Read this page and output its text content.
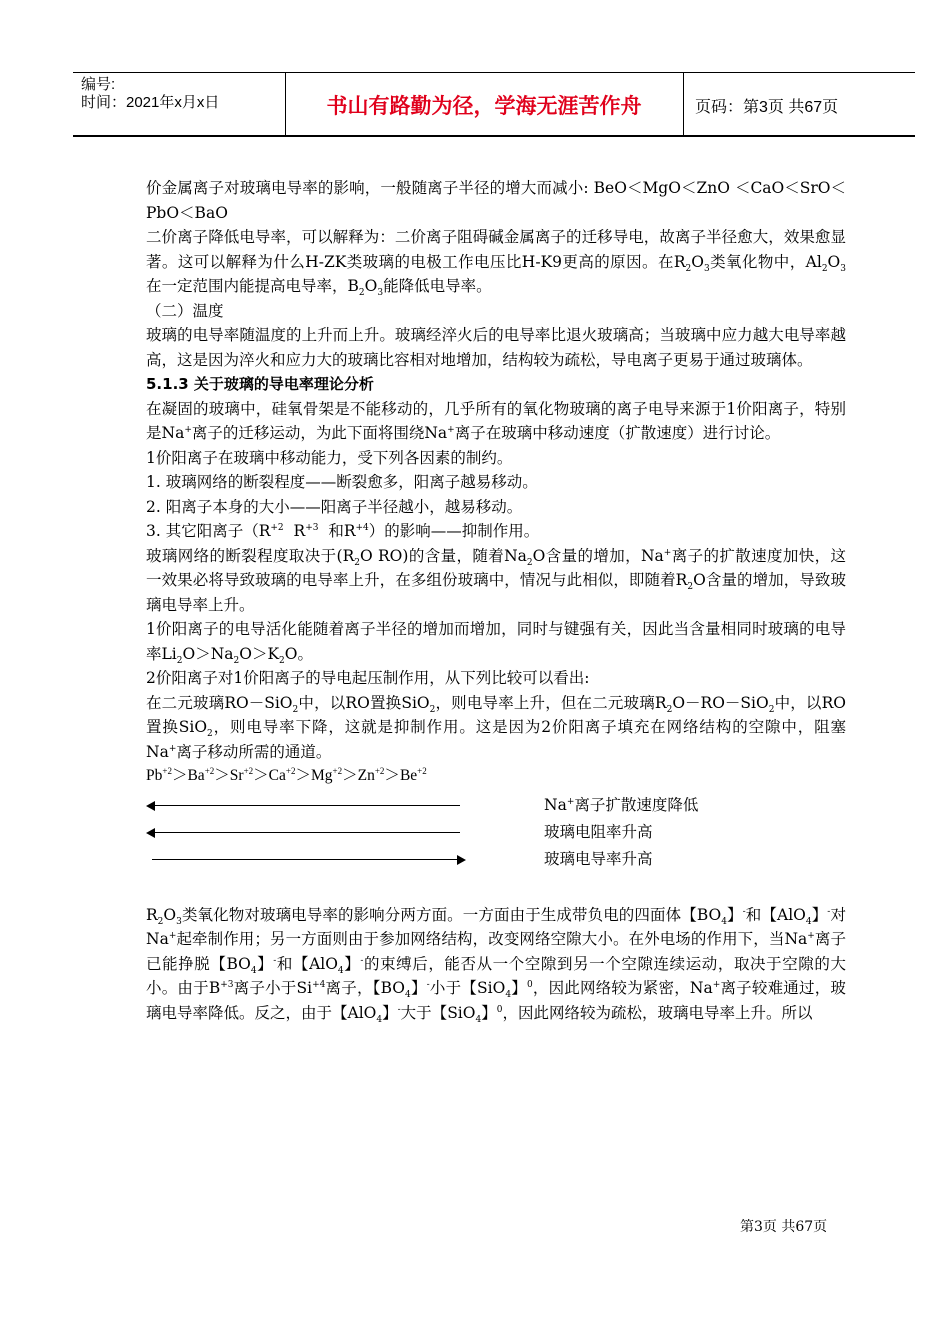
编号:
时间：2021年x月x日	书山有路勤为径，学海无涯苦作舟	页码：第3页 共67页

价金属离子对玻璃电导率的影响，一般随离子半径的增大而减小: BeO＜MgO＜ZnO ＜CaO＜SrO＜PbO＜BaO

二价离子降低电导率，可以解释为：二价离子阻碍碱金属离子的迁移导电，故离子半径愈大，效果愈显著。这可以解释为什么H-ZK类玻璃的电极工作电压比H-K9更高的原因。在$R_2O_3$类氧化物中，$Al_2O_3$在一定范围内能提高电导率，$B_2O_3$能降低电导率。

（二）温度

玻璃的电导率随温度的上升而上升。玻璃经淬火后的电导率比退火玻璃高；当玻璃中应力越大电导率越高，这是因为淬火和应力大的玻璃比容相对地增加，结构较为疏松，导电离子更易于通过玻璃体。

5.1.3 关于玻璃的导电率理论分析

在凝固的玻璃中，硅氧骨架是不能移动的，几乎所有的氧化物玻璃的离子电导来源于1价阳离子，特别是Na+离子的迁移运动，为此下面将围绕Na+离子在玻璃中移动速度（扩散速度）进行讨论。

1价阳离子在玻璃中移动能力，受下列各因素的制约。

1. 玻璃网络的断裂程度——断裂愈多，阳离子越易移动。

2. 阳离子本身的大小——阳离子半径越小，越易移动。

3. 其它阳离子（$R^{+2}$ $R^{+3}$ 和$R^{+4}$）的影响——抑制作用。

玻璃网络的断裂程度取决于($R_2O$ RO)的含量，随着$Na_2O$含量的增加，Na+离子的扩散速度加快，这一效果必将导致玻璃的电导率上升，在多组份玻璃中，情况与此相似，即随着$R_2O$含量的增加，导致玻璃电导率上升。

1价阳离子的电导活化能随着离子半径的增加而增加，同时与键强有关，因此当含量相同时玻璃的电导率$Li_2O>Na_2O>K_2O$。

2价阳离子对1价阳离子的导电起压制作用，从下列比较可以看出:

在二元玻璃RO－SiO$_2$中，以RO置换SiO$_2$，则电导率上升，但在二元玻璃$R_2O-RO-SiO_2$中，以RO置换SiO$_2$，则电导率下降，这就是抑制作用。这是因为2价阳离子填充在网络结构的空隙中，阻塞Na+离子移动所需的通道。

$Pb^{+2}>Ba^{+2}>Sr^{+2}>Ca^{+2}>Mg^{+2}>Zn^{+2}>Be^{+2}$

Na+离子扩散速度降低
玻璃电阻率升高
玻璃电导率升高

$R_2O_3$类氧化物对玻璃电导率的影响分两方面。一方面由于生成带负电的四面体【$BO_4$】-和【AlO$_4$】-对Na+起牵制作用；另一方面则由于参加网络结构，改变网络空隙大小。在外电场的作用下，当Na+离子已能挣脱【$BO_4$】-和【AlO$_4$】-的束缚后，能否从一个空隙到另一个空隙连续运动，取决于空隙的大小。由于$B^{+3}$离子小于$Si^{+4}$离子，【$BO_4$】-小于【SiO$_4$】$^0$，因此网络较为紧密，Na+离子较难通过，玻璃电导率降低。反之，由于【AlO$_4$】-大于【SiO$_4$】$^0$，因此网络较为疏松，玻璃电导率上升。所以

第3页 共67页
